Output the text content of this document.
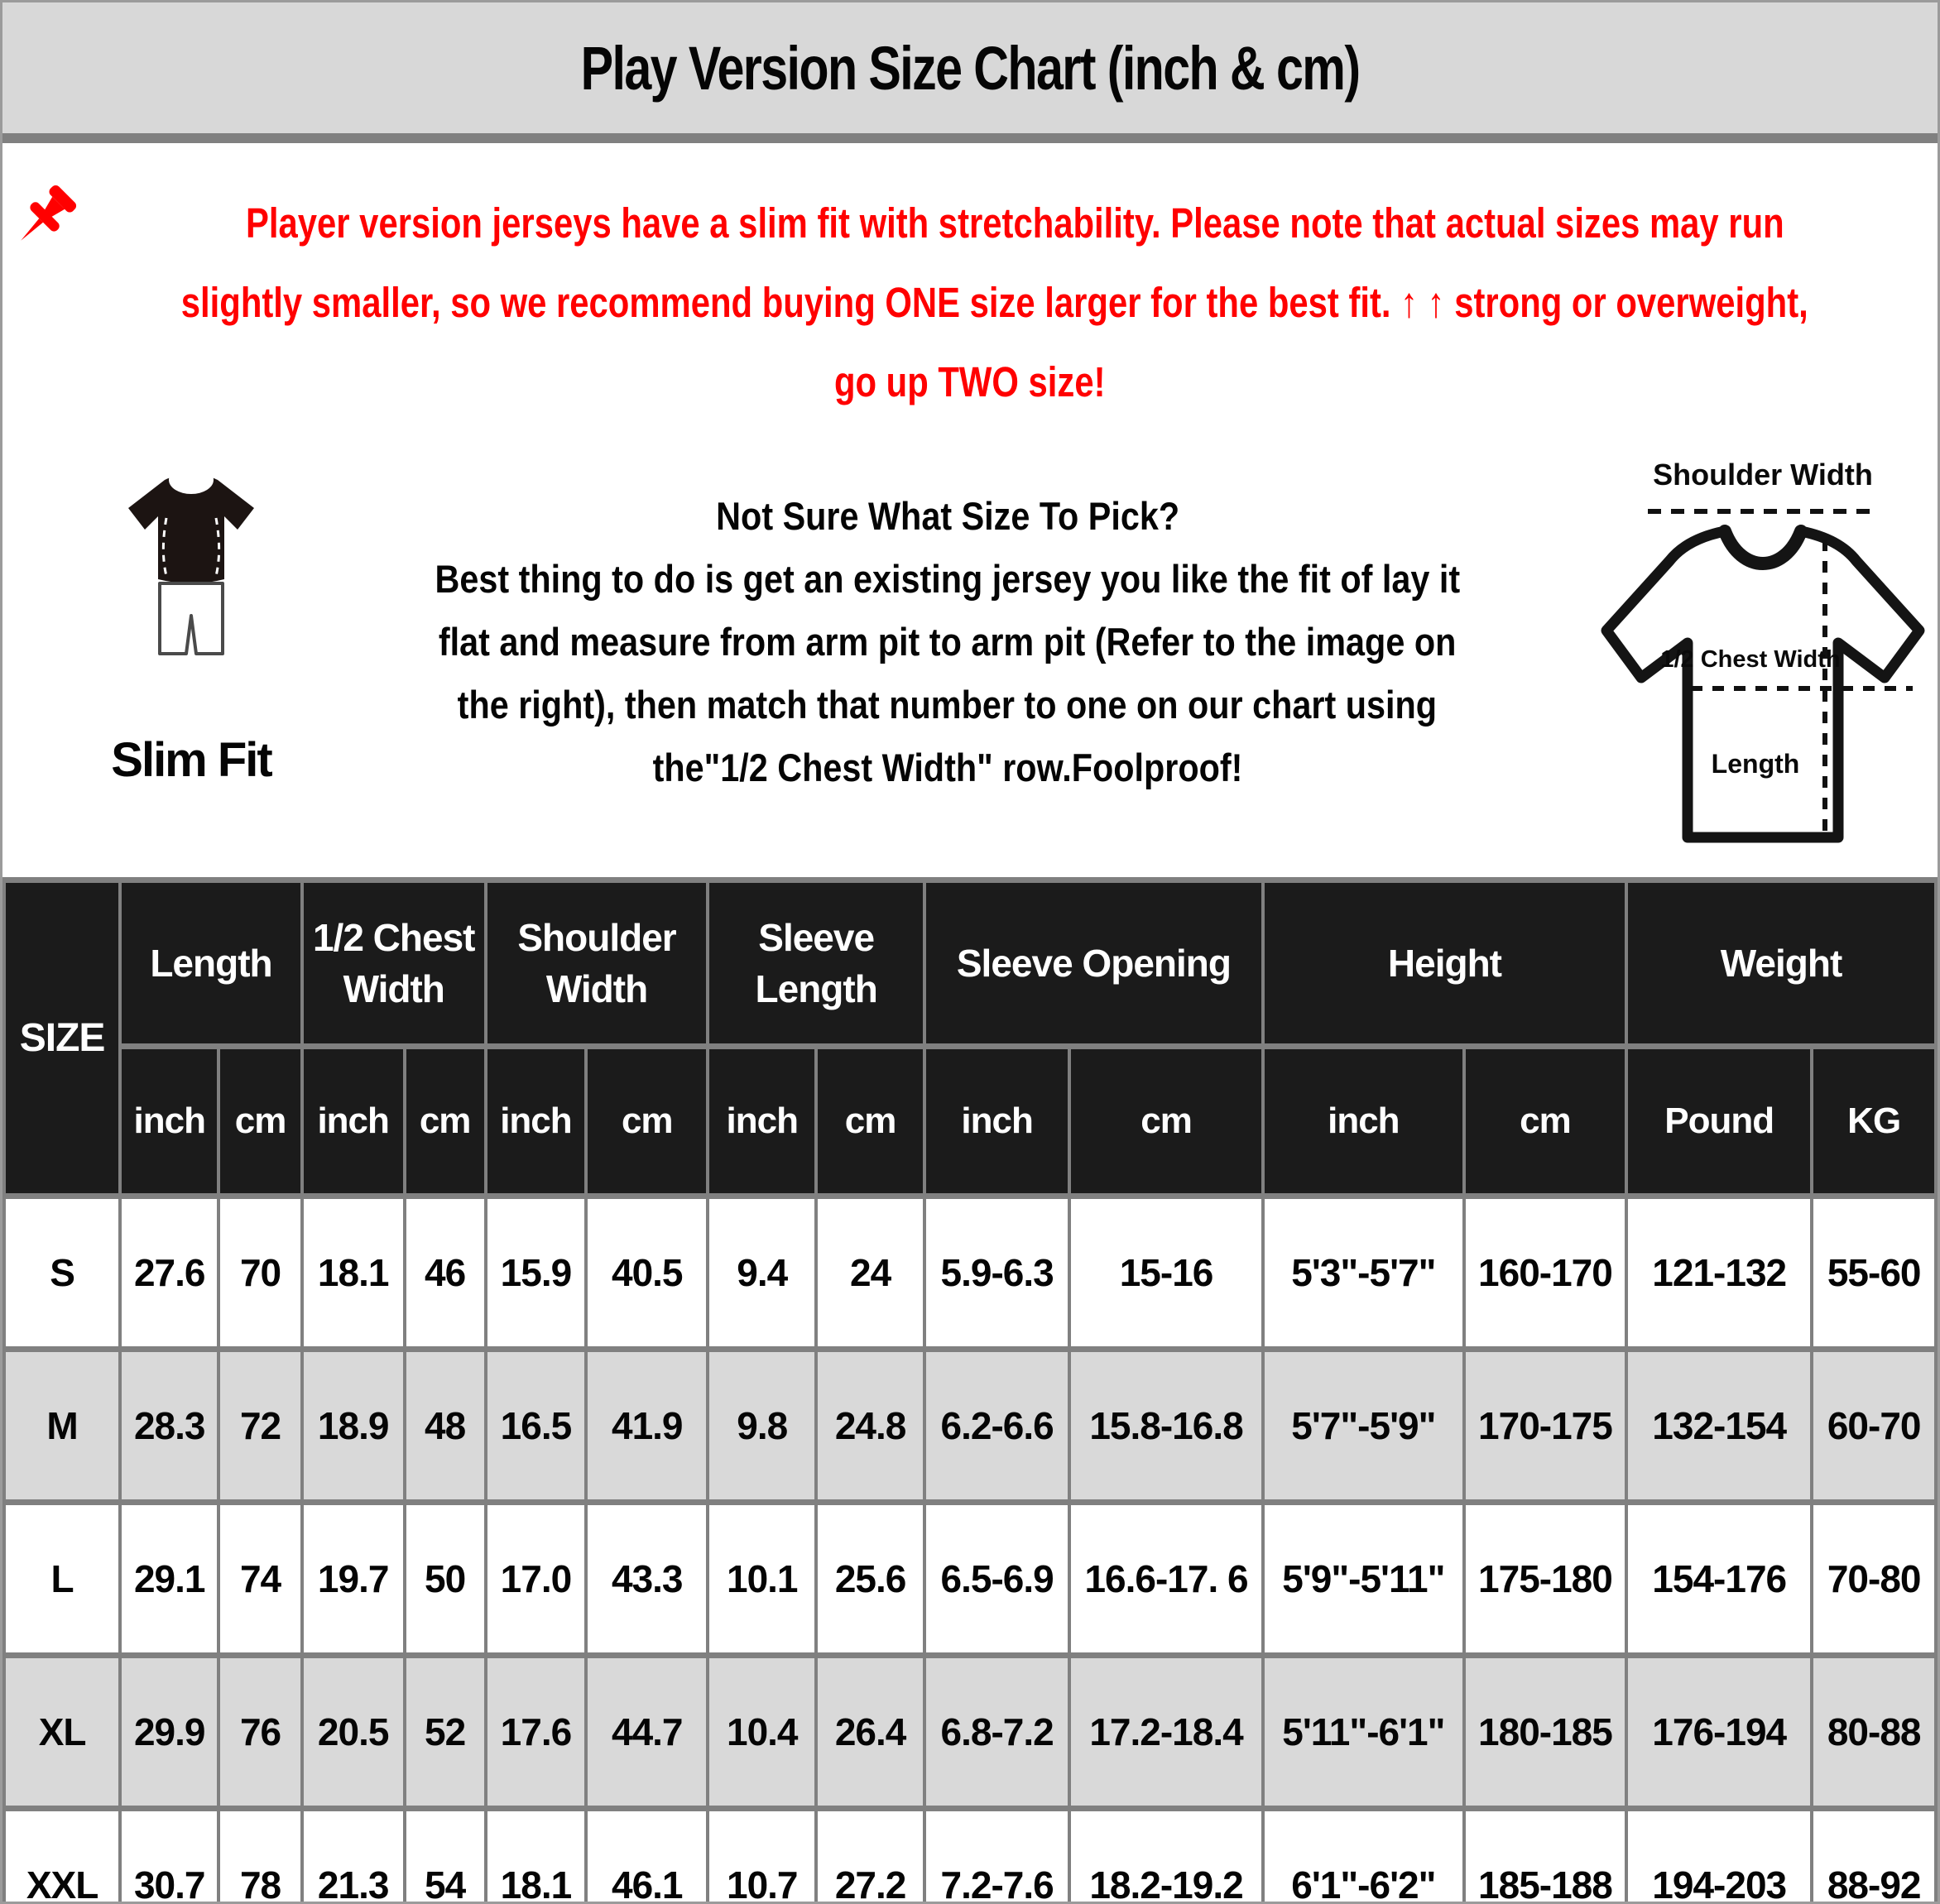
Play Version Size Chart (inch & cm)
Player version jerseys have a slim fit with stretchability. Please note that actual sizes may run
slightly smaller, so we recommend buying ONE size larger for the best fit. ↑ ↑ strong or overweight,
go up TWO size!
Slim Fit
Not Sure What Size To Pick?
Best thing to do is get an existing jersey you like the fit of lay it
flat and measure from arm pit to arm pit (Refer to the image on
the right), then match that number to one on our chart using
the"1/2 Chest Width" row.Foolproof!
Shoulder Width
1/2 Chest Width
Length
SIZE	Length		1/2 Chest Width		Shoulder Width		Sleeve Length		Sleeve Opening		Height		Weight	
	inch	cm	inch	cm	inch	cm	inch	cm	inch	cm	inch	cm	Pound	KG
S	27.6	70	18.1	46	15.9	40.5	9.4	24	5.9-6.3	15-16	5'3"-5'7"	160-170	121-132	55-60
M	28.3	72	18.9	48	16.5	41.9	9.8	24.8	6.2-6.6	15.8-16.8	5'7"-5'9"	170-175	132-154	60-70
L	29.1	74	19.7	50	17.0	43.3	10.1	25.6	6.5-6.9	16.6-17. 6	5'9"-5'11"	175-180	154-176	70-80
XL	29.9	76	20.5	52	17.6	44.7	10.4	26.4	6.8-7.2	17.2-18.4	5'11"-6'1"	180-185	176-194	80-88
XXL	30.7	78	21.3	54	18.1	46.1	10.7	27.2	7.2-7.6	18.2-19.2	6'1"-6'2"	185-188	194-203	88-92
